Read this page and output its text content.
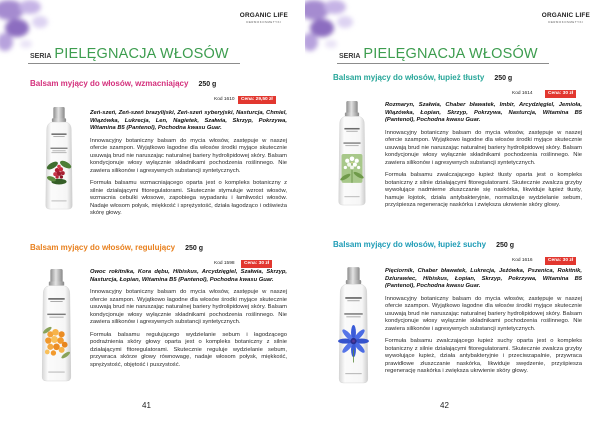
ORGANIC LIFE
DERMOKOSMETYKI
SERIA PIELĘGNACJA WŁOSÓW
Balsam myjący do włosów, wzmacniający 250 g
Kod 1610	Cena: 29,50 zł

Żeń-szeń, Żeń-szeń brazylijski, Żeń-szeń syberyjski, Nasturcja, Chmiel, Wiązówka, Lukrecja, Len, Nagietek, Szałwia, Skrzyp, Pokrzywa, Witamina B5 (Pantenol), Pochodna kwasu Guar.

Innowacyjny botaniczny balsam do mycia włosów, zastępuje w naszej ofercie szampon. Wyjątkowo łagodne dla włosów środki myjące skutecznie usuwają brud nie naruszając naturalnej bariery hydrolipidowej skóry. Balsam kondycjonuje włosy wyłącznie składnikami pochodzenia roślinnego. Nie zawiera silikonów i agresywnych substancji syntetycznych.

Formuła balsamu wzmacniającego oparta jest o kompleks botaniczny z silnie działającymi fitoregulatorami. Skutecznie stymuluje wzrost włosów, wzmacnia cebulki włosowe, zapobiega wypadaniu i łamliwości włosów. Nadaje włosom połysk, miękkość i sprężystość, działa łagodząco i odświeża skórę głowy.

Balsam myjący do włosów, regulujący 250 g
Kod 1598	Cena: 30 zł

Owoc rokitnika, Kora dębu, Hibiskus, Arcydzięgiel, Szałwia, Skrzyp, Nasturcja, Łopian, Witamina B5 (Pantenol), Pochodna kwasu Guar.

Innowacyjny botaniczny balsam do mycia włosów, zastępuje w naszej ofercie szampon. Wyjątkowo łagodne dla włosów środki myjące skutecznie usuwają brud nie naruszając naturalnej bariery hydrolipidowej skóry. Balsam kondycjonuje włosy wyłącznie składnikami pochodzenia roślinnego. Nie zawiera silikonów i agresywnych substancji syntetycznych.

Formuła balsamu regulującego wydzielanie sebum i łagodzącego podrażnienia skóry głowy oparta jest o kompleks botaniczny z silnie działającymi fitoregulatorami. Skutecznie reguluje wydzielanie sebum, przywraca skórze głowy równowagę, nadaje włosom połysk, miękkość, sprężystość, objętość i puszystość.

41
ORGANIC LIFE
DERMOKOSMETYKI
SERIA PIELĘGNACJA WŁOSÓW
Balsam myjący do włosów, łupież tłusty 250 g
Kod 1614	Cena: 30 zł

Rozmaryn, Szałwia, Chaber bławatek, Imbir, Arcydzięgiel, Jemioła, Wiązówka, Łopian, Skrzyp, Pokrzywa, Nasturcja, Witamina B5 (Pantenol), Pochodna kwasu Guar.

Innowacyjny botaniczny balsam do mycia włosów, zastępuje w naszej ofercie szampon. Wyjątkowo łagodne dla włosów środki myjące skutecznie usuwają brud nie naruszając naturalnej bariery hydrolipidowej skóry. Balsam kondycjonuje włosy wyłącznie składnikami pochodzenia roślinnego. Nie zawiera silikonów i agresywnych substancji syntetycznych.

Formuła balsamu zwalczającego łupież tłusty oparta jest o kompleks botaniczny z silnie działającymi fitoregulatorami. Skutecznie zwalcza grzyby wywołujące nadmierne złuszczanie się naskórka, likwiduje łupież tłusty, hamuje łojotok, działa antybakteryjnie, normalizuje wydzielanie sebum, przyśpiesza regenerację naskórka i zwiększa ukrwienie skóry głowy.

Balsam myjący do włosów, łupież suchy 250 g
Kod 1616	Cena: 30 zł

Pięciornik, Chaber bławatek, Lukrecja, Jeżówka, Pszenica, Rokitnik, Dziurawiec, Hibiskus, Łopian, Skrzyp, Pokrzywa, Witamina B5 (Pantenol), Pochodna kwasu Guar.

Innowacyjny botaniczny balsam do mycia włosów, zastępuje w naszej ofercie szampon. Wyjątkowo łagodne dla włosów środki myjące skutecznie usuwają brud nie naruszając naturalnej bariery hydrolipidowej skóry. Balsam kondycjonuje włosy wyłącznie składnikami pochodzenia roślinnego. Nie zawiera silikonów i agresywnych substancji syntetycznych.

Formuła balsamu zwalczającego łupież suchy oparta jest o kompleks botaniczny z silnie działającymi fitoregulatorami. Skutecznie zwalcza grzyby wywołujące łupież, działa antybakteryjnie i przeciwzapalnie, przywraca prawidłowe złuszczanie naskórka, likwiduje swędzenie, przyśpiesza regenerację naskórka i zwiększa ukrwienie skóry głowy.

42
